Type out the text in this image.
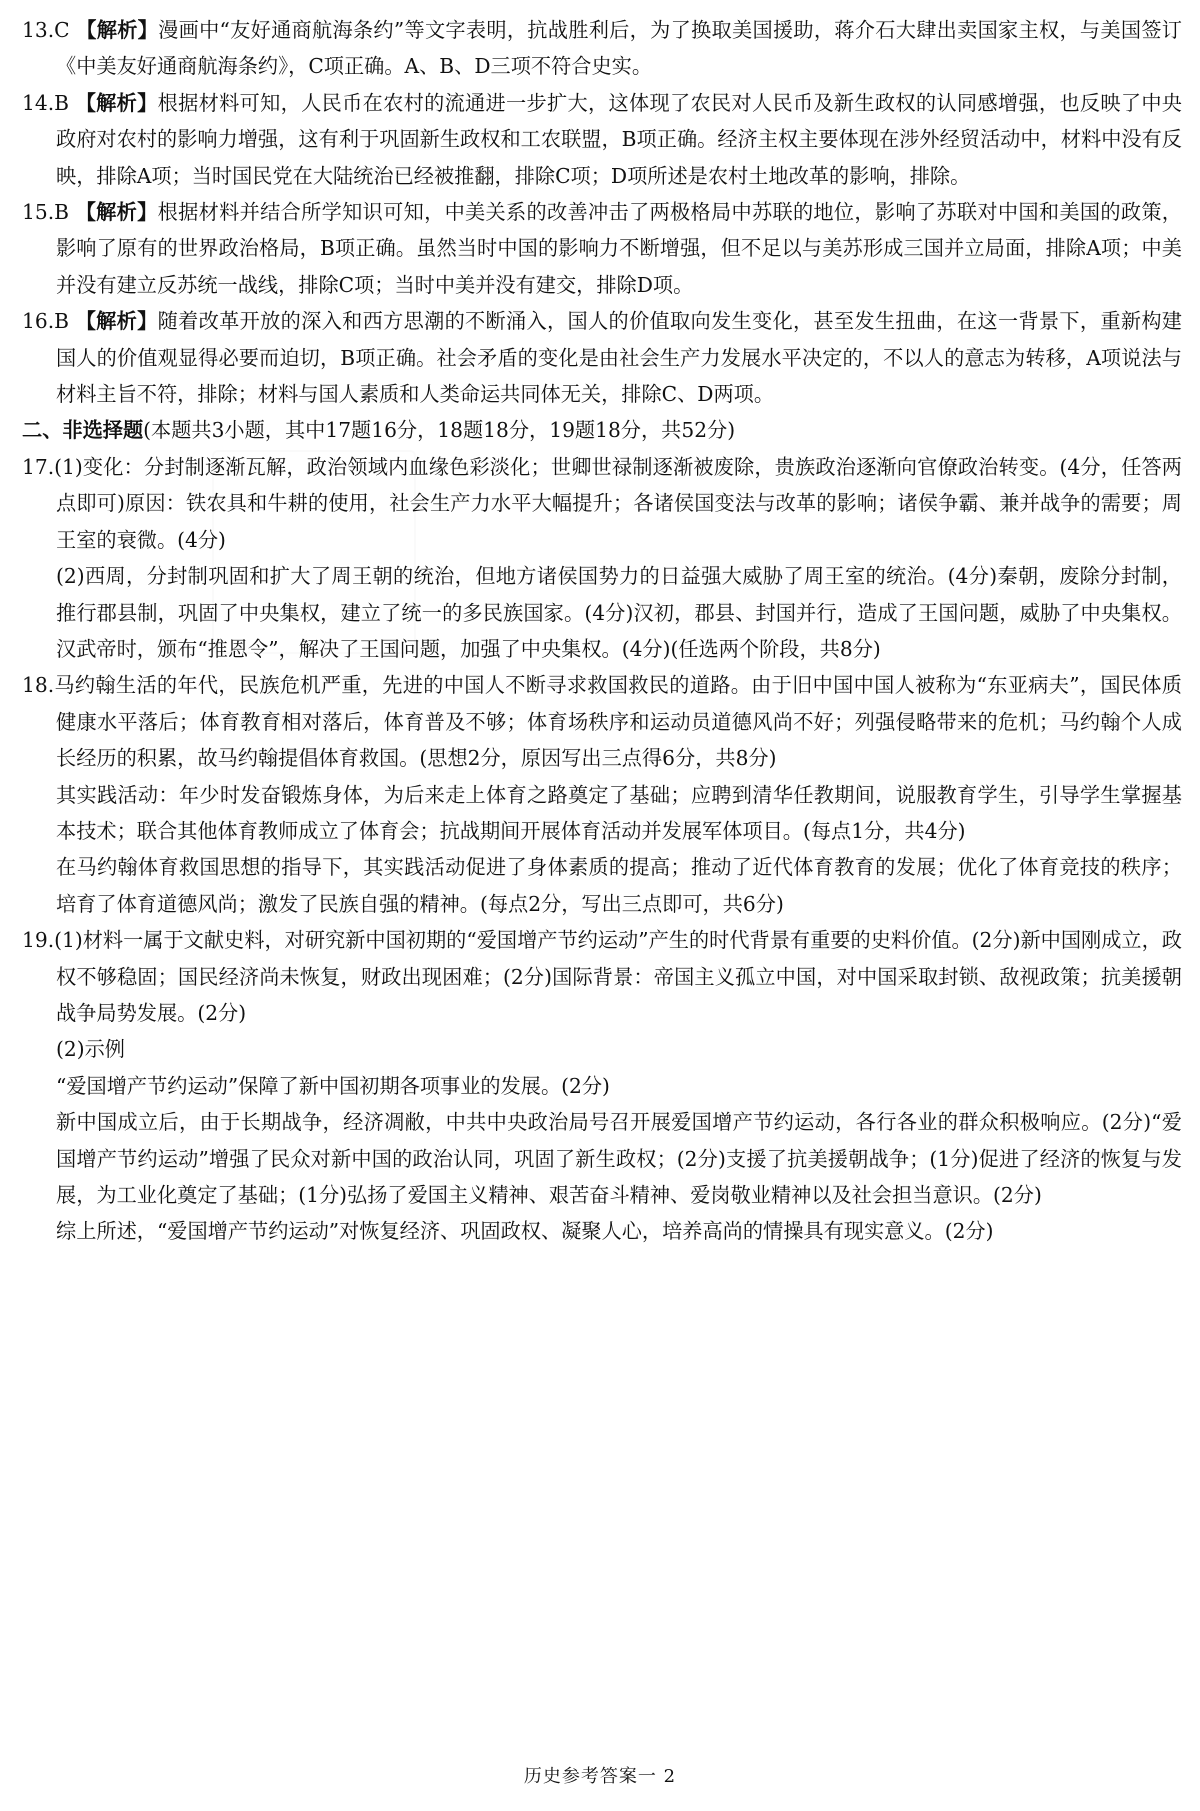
13.C 【解析】漫画中“友好通商航海条约”等文字表明，抗战胜利后，为了换取美国援助，蒋介石大肆出卖国家主权，与美国签订《中美友好通商航海条约》，C项正确。A、B、D三项不符合史实。

14.B 【解析】根据材料可知，人民币在农村的流通进一步扩大，这体现了农民对人民币及新生政权的认同感增强，也反映了中央政府对农村的影响力增强，这有利于巩固新生政权和工农联盟，B项正确。经济主权主要体现在涉外经贸活动中，材料中没有反映，排除A项；当时国民党在大陆统治已经被推翻，排除C项；D项所述是农村土地改革的影响，排除。

15.B 【解析】根据材料并结合所学知识可知，中美关系的改善冲击了两极格局中苏联的地位，影响了苏联对中国和美国的政策，影响了原有的世界政治格局，B项正确。虽然当时中国的影响力不断增强，但不足以与美苏形成三国并立局面，排除A项；中美并没有建立反苏统一战线，排除C项；当时中美并没有建交，排除D项。

16.B 【解析】随着改革开放的深入和西方思潮的不断涌入，国人的价值取向发生变化，甚至发生扭曲，在这一背景下，重新构建国人的价值观显得必要而迫切，B项正确。社会矛盾的变化是由社会生产力发展水平决定的，不以人的意志为转移，A项说法与材料主旨不符，排除；材料与国人素质和人类命运共同体无关，排除C、D两项。

二、非选择题(本题共3小题，其中17题16分，18题18分，19题18分，共52分)

17.(1)变化：分封制逐渐瓦解，政治领域内血缘色彩淡化；世卿世禄制逐渐被废除，贵族政治逐渐向官僚政治转变。(4分，任答两点即可)原因：铁农具和牛耕的使用，社会生产力水平大幅提升；各诸侯国变法与改革的影响；诸侯争霸、兼并战争的需要；周王室的衰微。(4分)

(2)西周，分封制巩固和扩大了周王朝的统治，但地方诸侯国势力的日益强大威胁了周王室的统治。(4分)秦朝，废除分封制，推行郡县制，巩固了中央集权，建立了统一的多民族国家。(4分)汉初，郡县、封国并行，造成了王国问题，威胁了中央集权。汉武帝时，颁布“推恩令”，解决了王国问题，加强了中央集权。(4分)(任选两个阶段，共8分)

18.马约翰生活的年代，民族危机严重，先进的中国人不断寻求救国救民的道路。由于旧中国中国人被称为“东亚病夫”，国民体质健康水平落后；体育教育相对落后，体育普及不够；体育场秩序和运动员道德风尚不好；列强侵略带来的危机；马约翰个人成长经历的积累，故马约翰提倡体育救国。(思想2分，原因写出三点得6分，共8分)

其实践活动：年少时发奋锻炼身体，为后来走上体育之路奠定了基础；应聘到清华任教期间，说服教育学生，引导学生掌握基本技术；联合其他体育教师成立了体育会；抗战期间开展体育活动并发展军体项目。(每点1分，共4分)

在马约翰体育救国思想的指导下，其实践活动促进了身体素质的提高；推动了近代体育教育的发展；优化了体育竞技的秩序；培育了体育道德风尚；激发了民族自强的精神。(每点2分，写出三点即可，共6分)

19.(1)材料一属于文献史料，对研究新中国初期的“爱国增产节约运动”产生的时代背景有重要的史料价值。(2分)新中国刚成立，政权不够稳固；国民经济尚未恢复，财政出现困难；(2分)国际背景：帝国主义孤立中国，对中国采取封锁、敌视政策；抗美援朝战争局势发展。(2分)

(2)示例

“爱国增产节约运动”保障了新中国初期各项事业的发展。(2分)

新中国成立后，由于长期战争，经济凋敝，中共中央政治局号召开展爱国增产节约运动，各行各业的群众积极响应。(2分)“爱国增产节约运动”增强了民众对新中国的政治认同，巩固了新生政权；(2分)支援了抗美援朝战争；(1分)促进了经济的恢复与发展，为工业化奠定了基础；(1分)弘扬了爱国主义精神、艰苦奋斗精神、爱岗敬业精神以及社会担当意识。(2分)

综上所述，“爱国增产节约运动”对恢复经济、巩固政权、凝聚人心，培养高尚的情操具有现实意义。(2分)

历史参考答案一 2
